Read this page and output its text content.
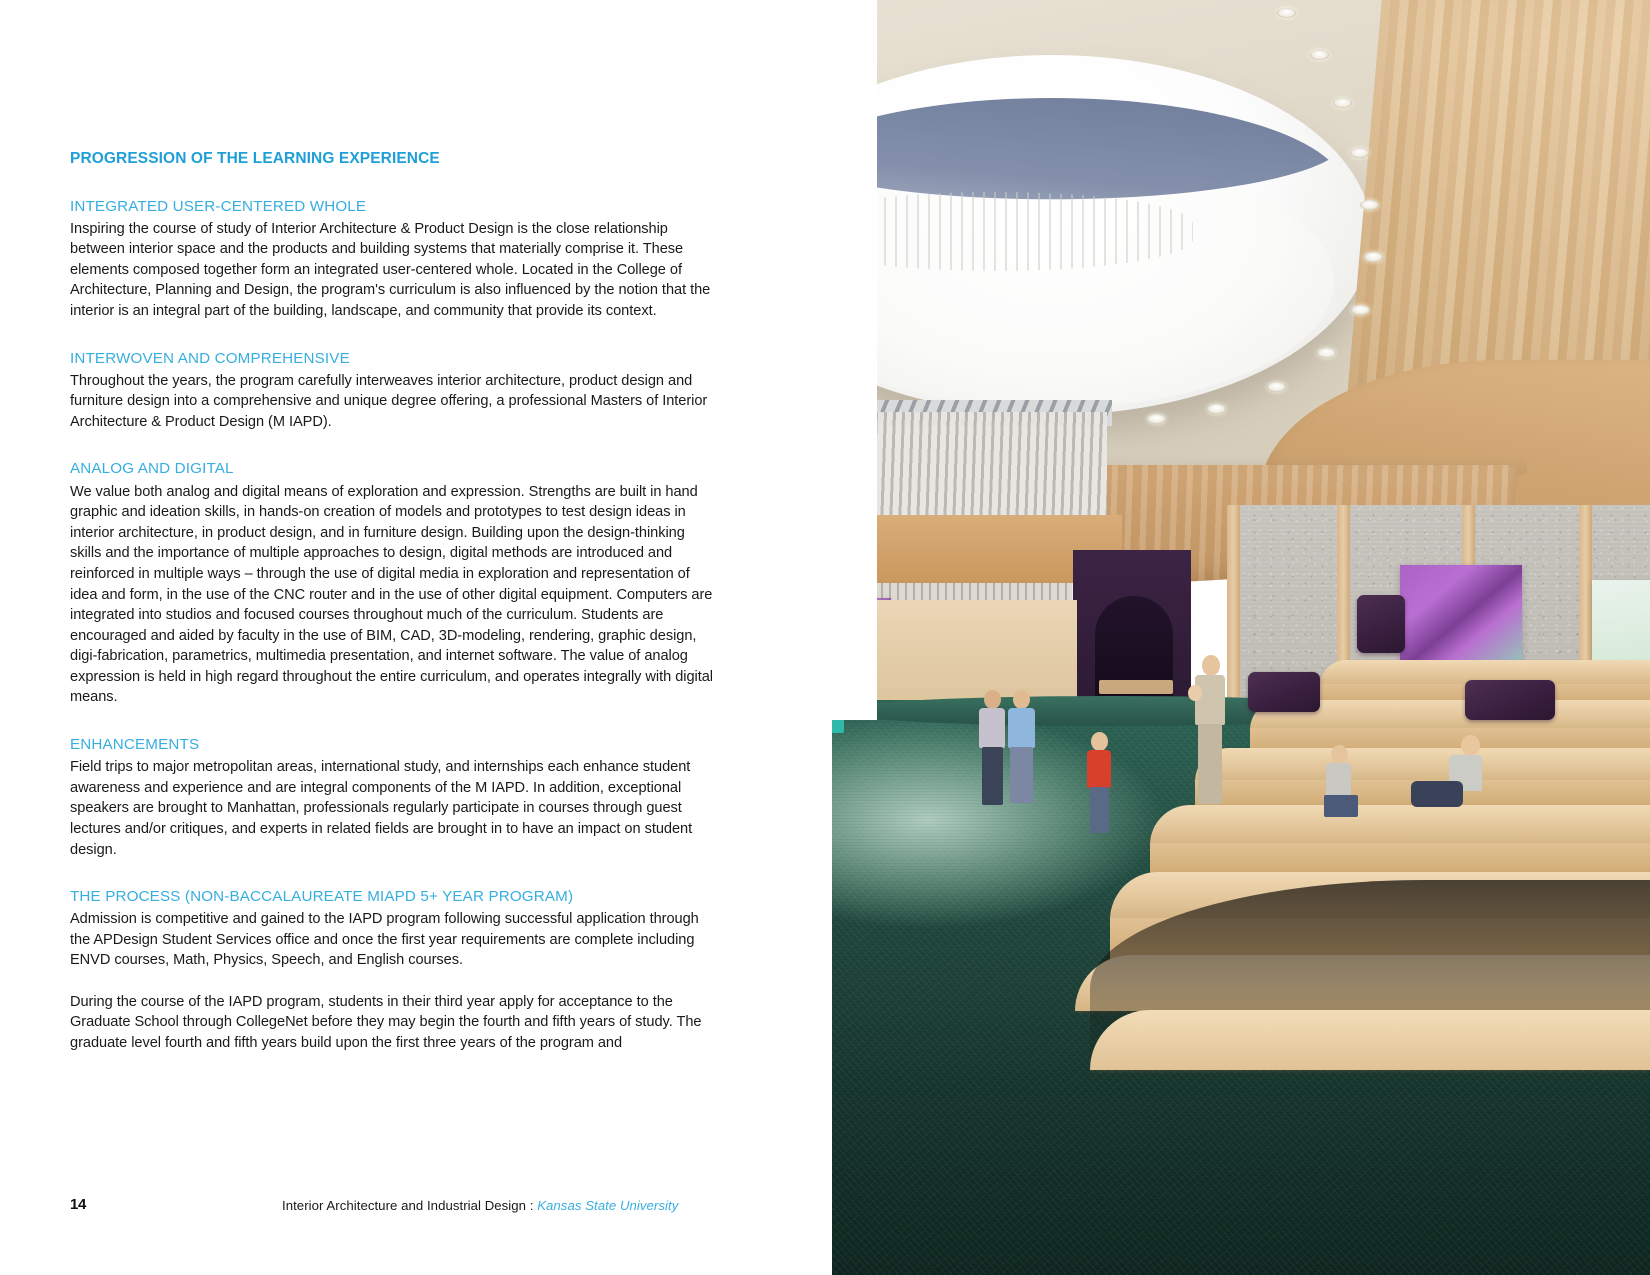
PROGRESSION OF THE LEARNING EXPERIENCE
INTEGRATED USER-CENTERED WHOLE

Inspiring the course of study of Interior Architecture & Product Design is the close relationship between interior space and the products and building systems that materially comprise it. These elements composed together form an integrated user-centered whole. Located in the College of Architecture, Planning and Design, the program's curriculum is also influenced by the notion that the interior is an integral part of the building, landscape, and community that provide its context.

INTERWOVEN AND COMPREHENSIVE

Throughout the years, the program carefully interweaves interior architecture, product design and furniture design into a comprehensive and unique degree offering, a professional Masters of Interior Architecture & Product Design (M IAPD).

ANALOG AND DIGITAL

We value both analog and digital means of exploration and expression. Strengths are built in hand graphic and ideation skills, in hands-on creation of models and prototypes to test design ideas in interior architecture, in product design, and in furniture design. Building upon the design-thinking skills and the importance of multiple approaches to design, digital methods are introduced and reinforced in multiple ways – through the use of digital media in exploration and representation of idea and form, in the use of the CNC router and in the use of other digital equipment. Computers are integrated into studios and focused courses throughout much of the curriculum. Students are encouraged and aided by faculty in the use of BIM, CAD, 3D-modeling, rendering, graphic design, digi-fabrication, parametrics, multimedia presentation, and internet software. The value of analog expression is held in high regard throughout the entire curriculum, and operates integrally with digital means.

ENHANCEMENTS

Field trips to major metropolitan areas, international study, and internships each enhance student awareness and experience and are integral components of the M IAPD. In addition, exceptional speakers are brought to Manhattan, professionals regularly participate in courses through guest lectures and/or critiques, and experts in related fields are brought in to have an impact on student design.

THE PROCESS (NON-BACCALAUREATE MIAPD 5+ YEAR PROGRAM)

Admission is competitive and gained to the IAPD program following successful application through the APDesign Student Services office and once the first year requirements are complete including ENVD courses, Math, Physics, Speech, and English courses.

During the course of the IAPD program, students in their third year apply for acceptance to the Graduate School through CollegeNet before they may begin the fourth and fifth years of study. The graduate level fourth and fifth years build upon the first three years of the program and

14	Interior Architecture and Industrial Design : Kansas State University
